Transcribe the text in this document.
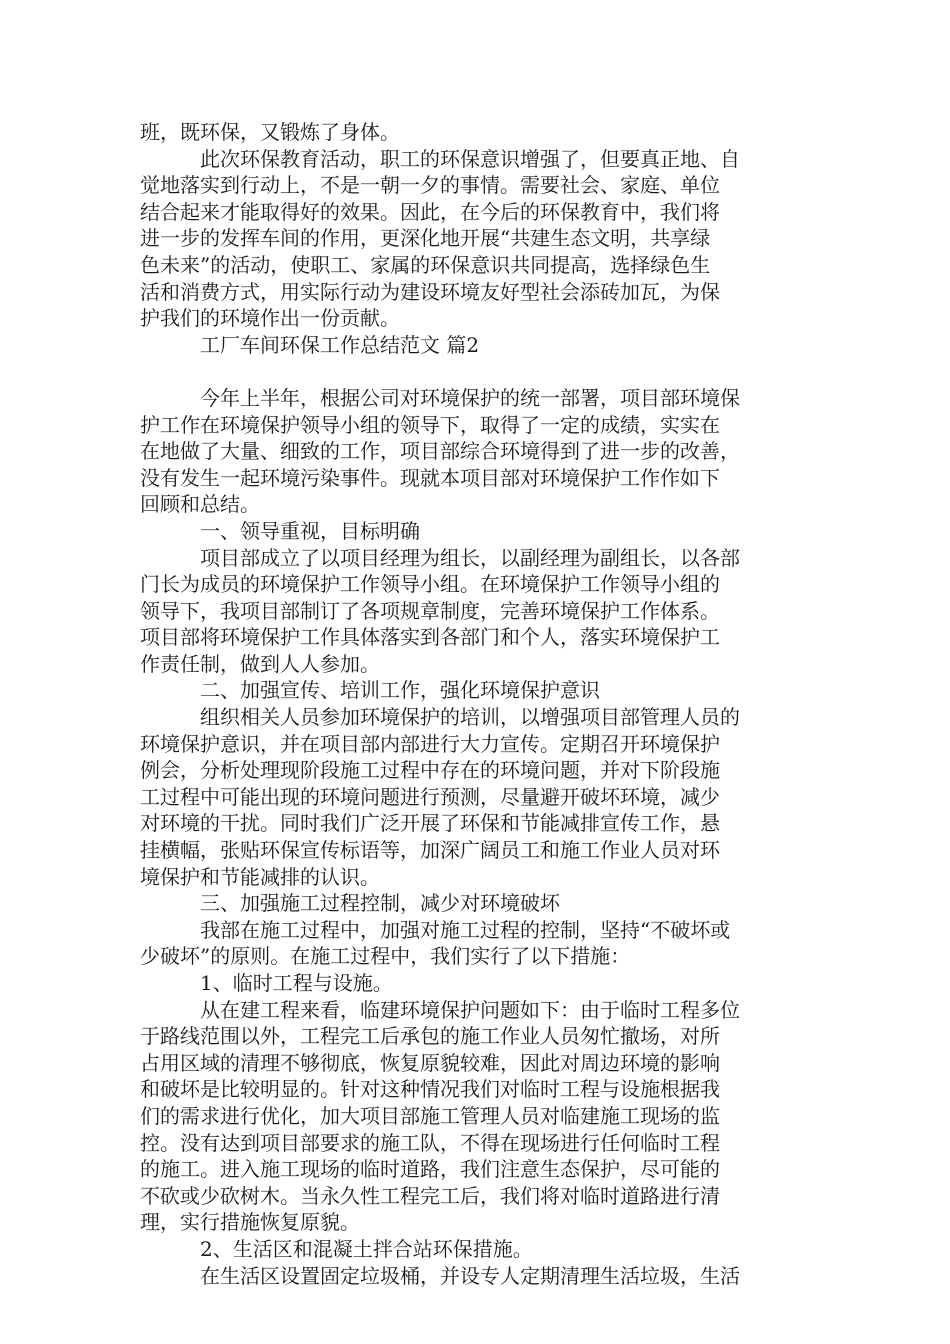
班，既环保，又锻炼了身体。
此次环保教育活动，职工的环保意识增强了，但要真正地、自
觉地落实到行动上，不是一朝一夕的事情。需要社会、家庭、单位
结合起来才能取得好的效果。因此，在今后的环保教育中，我们将
进一步的发挥车间的作用，更深化地开展“共建生态文明，共享绿
色未来”的活动，使职工、家属的环保意识共同提高，选择绿色生
活和消费方式，用实际行动为建设环境友好型社会添砖加瓦，为保
护我们的环境作出一份贡献。
工厂车间环保工作总结范文 篇2
今年上半年，根据公司对环境保护的统一部署，项目部环境保
护工作在环境保护领导小组的领导下，取得了一定的成绩，实实在
在地做了大量、细致的工作，项目部综合环境得到了进一步的改善，
没有发生一起环境污染事件。现就本项目部对环境保护工作作如下
回顾和总结。
一、领导重视，目标明确
项目部成立了以项目经理为组长，以副经理为副组长，以各部
门长为成员的环境保护工作领导小组。在环境保护工作领导小组的
领导下，我项目部制订了各项规章制度，完善环境保护工作体系。
项目部将环境保护工作具体落实到各部门和个人，落实环境保护工
作责任制，做到人人参加。
二、加强宣传、培训工作，强化环境保护意识
组织相关人员参加环境保护的培训，以增强项目部管理人员的
环境保护意识，并在项目部内部进行大力宣传。定期召开环境保护
例会，分析处理现阶段施工过程中存在的环境问题，并对下阶段施
工过程中可能出现的环境问题进行预测，尽量避开破坏环境，减少
对环境的干扰。同时我们广泛开展了环保和节能减排宣传工作，悬
挂横幅，张贴环保宣传标语等，加深广阔员工和施工作业人员对环
境保护和节能减排的认识。
三、加强施工过程控制，减少对环境破坏
我部在施工过程中，加强对施工过程的控制，坚持“不破坏或
少破坏”的原则。在施工过程中，我们实行了以下措施：
1、临时工程与设施。
从在建工程来看，临建环境保护问题如下：由于临时工程多位
于路线范围以外，工程完工后承包的施工作业人员匆忙撤场，对所
占用区域的清理不够彻底，恢复原貌较难，因此对周边环境的影响
和破坏是比较明显的。针对这种情况我们对临时工程与设施根据我
们的需求进行优化，加大项目部施工管理人员对临建施工现场的监
控。没有达到项目部要求的施工队，不得在现场进行任何临时工程
的施工。进入施工现场的临时道路，我们注意生态保护，尽可能的
不砍或少砍树木。当永久性工程完工后，我们将对临时道路进行清
理，实行措施恢复原貌。
2、生活区和混凝土拌合站环保措施。
在生活区设置固定垃圾桶，并设专人定期清理生活垃圾，生活
